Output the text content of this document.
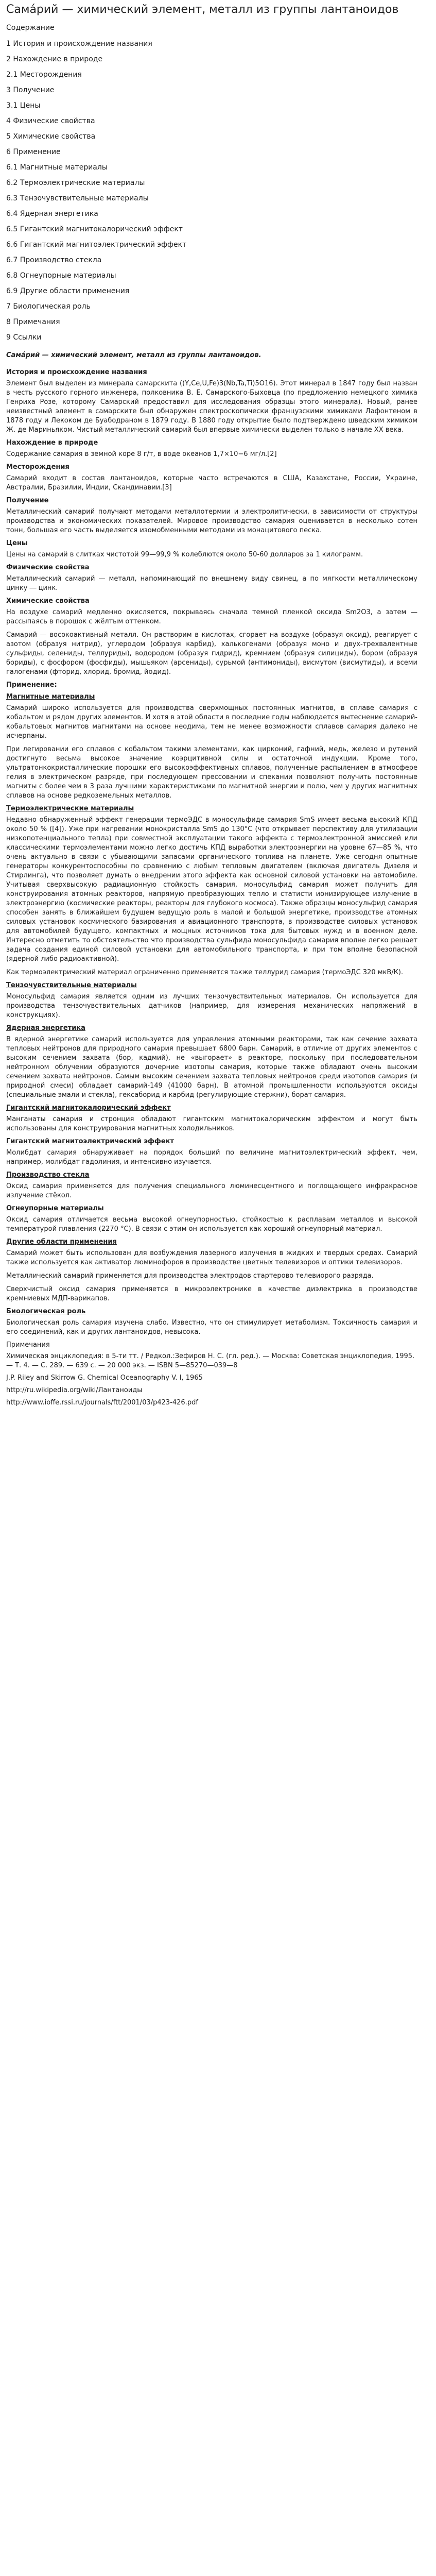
Сама́рий — химический элемент, металл из группы лантаноидов
Содержание
1 История и происхождение названия
2 Нахождение в природе
2.1 Месторождения
3 Получение
3.1 Цены
4 Физические свойства
5 Химические свойства
6 Применение
6.1 Магнитные материалы
6.2 Термоэлектрические материалы
6.3 Тензочувствительные материалы
6.4 Ядерная энергетика
6.5 Гигантский магнитокалорический эффект
6.6 Гигантский магнитоэлектрический эффект
6.7 Производство стекла
6.8 Огнеупорные материалы
6.9 Другие области применения
7 Биологическая роль
8 Примечания
9 Ссылки
Сама́рий — химический элемент, металл из группы лантаноидов.
История и происхождение названия

Элемент был выделен из минерала самарскита ((Y,Ce,U,Fe)3(Nb,Ta,Ti)5O16). Этот минерал в 1847 году был назван в честь русского горного инженера, полковника В. Е. Самарского-Быховца (по предложению немецкого химика Генриха Розе, которому Самарский предоставил для исследования образцы этого минерала). Новый, ранее неизвестный элемент в самарските был обнаружен спектроскопически французскими химиками Лафонтеном в 1878 году и Лекоком де Буабодраном в 1879 году. В 1880 году открытие было подтверждено шведским химиком Ж. де Мариньяком. Чистый металлический самарий был впервые химически выделен только в начале XX века.

Нахождение в природе

Содержание самария в земной коре 8 г/т, в воде океанов 1,7×10−6 мг/л.[2]

Месторождения

Самарий входит в состав лантаноидов, которые часто встречаются в США, Казахстане, России, Украине, Австралии, Бразилии, Индии, Скандинавии.[3]

Получение

Металлический самарий получают методами металлотермии и электролитически, в зависимости от структуры производства и экономических показателей. Мировое производство самария оценивается в несколько сотен тонн, большая его часть выделяется изомобменными методами из монацитового песка.

Цены

Цены на самарий в слитках чистотой 99—99,9 % колеблются около 50-60 долларов за 1 килограмм.

Физические свойства

Металлический самарий — металл, напоминающий по внешнему виду свинец, а по мягкости металлическому цинку ― цинк.

Химические свойства

На воздухе самарий медленно окисляется, покрываясь сначала темной пленкой оксида Sm2O3, а затем — рассыпаясь в порошок с жёлтым оттенком.

Самарий — восокоактивный металл. Он растворим в кислотах, сгорает на воздухе (образуя оксид), реагирует с азотом (образуя нитрид), углеродом (образуя карбид), халькогенами (образуя моно и двух-трехвалентные сульфиды, селениды, теллуриды), водородом (образуя гидрид), кремнием (образуя силициды), бором (образуя бориды), с фосфором (фосфиды), мышьяком (арсениды), сурьмой (антимониды), висмутом (висмутиды), и всеми галогенами (фторид, хлорид, бромид, йодид).

Применение:
Магнитные материалы

Самарий широко используется для производства сверхмощных постоянных магнитов, в сплаве самария с кобальтом и рядом других элементов. И хотя в этой области в последние годы наблюдается вытеснение самарий-кобальтовых магнитов магнитами на основе неодима, тем не менее возможности сплавов самария далеко не исчерпаны.

При легировании его сплавов с кобальтом такими элементами, как цирконий, гафний, медь, железо и рутений достигнуто весьма высокое значение коэрцитивной силы и остаточной индукции. Кроме того, ультратонкокристаллические порошки его высокоэффективных сплавов, полученные распылением в атмосфере гелия в электрическом разряде, при последующем прессовании и спекании позволяют получить постоянные магниты с более чем в 3 раза лучшими характеристиками по магнитной энергии и полю, чем у других магнитных сплавов на основе редкоземельных металлов.

Термоэлектрические материалы

Недавно обнаруженный эффект генерации термоЭДС в моносульфиде самария SmS имеет весьма высокий КПД около 50 % ([4]). Уже при нагревании монокристалла SmS до 130°C (что открывает перспективу для утилизации низкопотенциального тепла) при совместной эксплуатации такого эффекта с термоэлектронной эмиссией или классическими термоэлементами можно легко достичь КПД выработки электроэнергии на уровне 67—85 %, что очень актуально в связи с убывающими запасами органического топлива на планете. Уже сегодня опытные генераторы конкурентоспособны по сравнению с любым тепловым двигателем (включая двигатель Дизеля и Стирлинга), что позволяет думать о внедрении этого эффекта как основной силовой установки на автомобиле. Учитывая сверхвысокую радиационную стойкость самария, моносульфид самария может получить для конструирования атомных реакторов, напрямую преобразующих тепло и статисти ионизирующее излучение в электроэнергию (космические реакторы, реакторы для глубокого космоса). Также образцы моносульфид самария способен занять в ближайшем будущем ведущую роль в малой и большой энергетике, производстве атомных силовых установок космического базирования и авиационного транспорта, в производстве силовых установок для автомобилей будущего, компактных и мощных источников тока для бытовых нужд и в военном деле. Интересно отметить то обстоятельство что производства сульфида моносульфида самария вполне легко решает задача создания единой силовой установки для автомобильного транспорта, и при том вполне безопасной (ядерной либо радиоактивной).

Как термоэлектрический материал ограниченно применяется также теллурид самария (термоЭДС 320 мкВ/К).

Тензочувствительные материалы

Моносульфид самария является одним из лучших тензочувствительных материалов. Он используется для производства тензочувствительных датчиков (например, для измерения механических напряжений в конструкциях).

Ядерная энергетика

В ядерной энергетике самарий используется для управления атомными реакторами, так как сечение захвата тепловых нейтронов для природного самария превышает 6800 барн. Самарий, в отличие от других элементов с высоким сечением захвата (бор, кадмий), не «выгорает» в реакторе, поскольку при последовательном нейтронном облучении образуются дочерние изотопы самария, которые также обладают очень высоким сечением захвата нейтронов. Самым высоким сечением захвата тепловых нейтронов среди изотопов самария (и природной смеси) обладает самарий-149 (41000 барн). В атомной промышленности используются оксиды (специальные эмали и стекла), гексаборид и карбид (регулирующие стержни), борат самария.

Гигантский магнитокалорический эффект

Манганаты самария и стронция обладают гигантским магнитокалорическим эффектом и могут быть использованы для конструирования магнитных холодильников.

Гигантский магнитоэлектрический эффект

Молибдат самария обнаруживает на порядок больший по величине магнитоэлектрический эффект, чем, например, молибдат гадолиния, и интенсивно изучается.

Производство стекла

Оксид самария применяется для получения специального люминесцентного и поглощающего инфракрасное излучение стёкол.

Огнеупорные материалы

Оксид самария отличается весьма высокой огнеупорностью, стойкостью к расплавам металлов и высокой температурой плавления (2270 °C). В связи с этим он используется как хороший огнеупорный материал.

Другие области применения

Самарий может быть использован для возбуждения лазерного излучения в жидких и твердых средах. Самарий также используется как активатор люминофоров в производстве цветных телевизоров и оптики телевизоров.

Металлический самарий применяется для производства электродов стартерово телевиорого разряда.

Сверхчистый оксид самария применяется в микроэлектронике в качестве диэлектрика в производстве кремниевых МДП-варикапов.

Биологическая роль

Биологическая роль самария изучена слабо. Известно, что он стимулирует метаболизм. Токсичность самария и его соединений, как и других лантаноидов, невысока.

Примечания
Химическая энциклопедия: в 5-ти тт. / Редкол.:Зефиров Н. С. (гл. ред.). — Москва: Советская энциклопедия, 1995. — Т. 4. — С. 289. — 639 с. — 20 000 экз. — ISBN 5—85270—039—8
J.P. Riley and Skirrow G. Chemical Oceanography V. I, 1965
http://ru.wikipedia.org/wiki/Лантаноиды
http://www.ioffe.rssi.ru/journals/ftt/2001/03/p423-426.pdf
